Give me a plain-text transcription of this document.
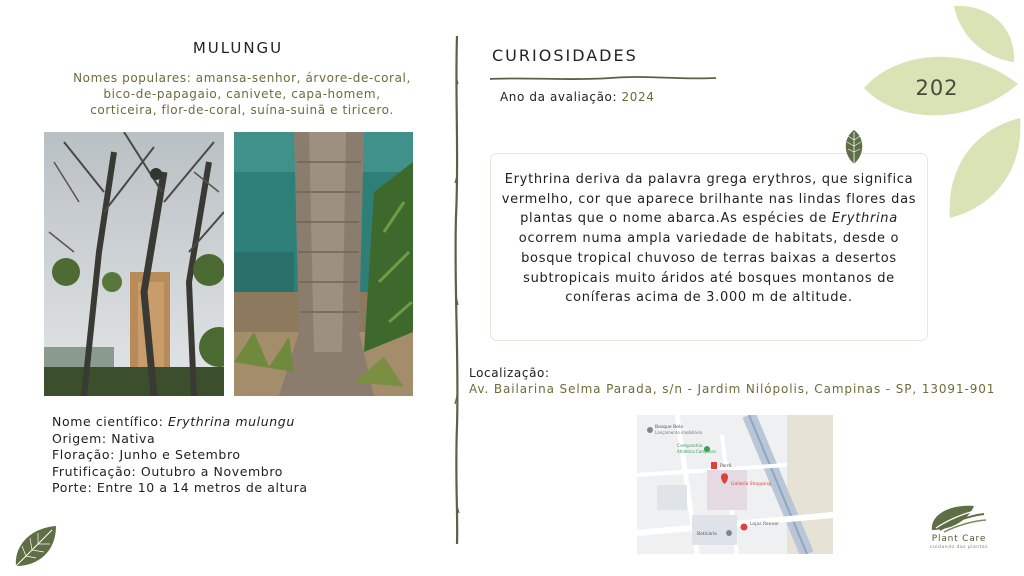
MULUNGU
Nomes populares: amansa-senhor, árvore-de-coral,
bico-de-papagaio, canivete, capa-homem,
corticeira, flor-de-coral, suína-suinã e tiricero.
Nome científico: Erythrina mulungu
Origem: Nativa
Floração: Junho e Setembro
Frutificação: Outubro a Novembro
Porte: Entre 10 a 14 metros de altura
CURIOSIDADES
Ano da avaliação: 2024
Erythrina deriva da palavra grega erythros, que significa vermelho, cor que aparece brilhante nas lindas flores das plantas que o nome abarca.As espécies de Erythrina ocorrem numa ampla variedade de habitats, desde o bosque tropical chuvoso de terras baixas a desertos subtropicais muito áridos até bosques montanos de coníferas acima de 3.000 m de altitude.
Localização:
Av. Bailarina Selma Parada, s/n - Jardim Nilópolis, Campinas - SP, 13091-901
Bosque Belo
Lançamento imobiliário
Companhia
Athletica Campinas
Parrô
Galleria Shopping
Lojas Renner
Boticário
202
Plant Care
cuidando das plantas
